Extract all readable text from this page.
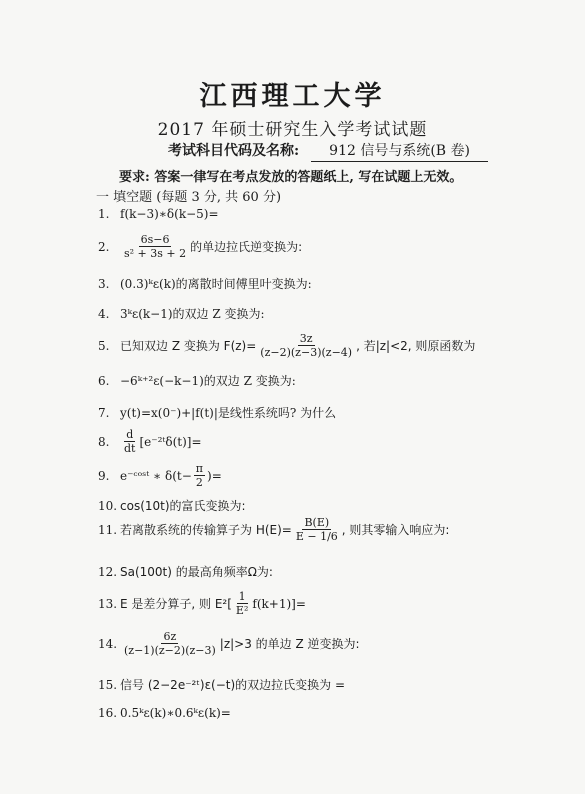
江西理工大学
2017 年硕士研究生入学考试试题
考试科目代码及名称:	912 信号与系统(B 卷)
要求: 答案一律写在考点发放的答题纸上, 写在试题上无效。
一 填空题 (每题 3 分, 共 60 分)
1. f(k−3)∗δ(k−5)=
2.	$\frac{6s-6}{\text{s² + 3s + 2}}$ 的单边拉氏逆变换为:
3. (0.3)ᵏε(k)的离散时间傅里叶变换为:
4. 3ᵏε(k−1)的双边 Z 变换为:
5. 已知双边 Z 变换为 $F(z)= \frac{3z}{(z-2)(z-3)(z-4)}$ , 若|z|<2, 则原函数为
6. −6ᵏ⁺²ε(−k−1)的双边 Z 变换为:
7. y(t)=x(0⁻)+|f(t)|是线性系统吗? 为什么
8.	$\frac{d}{dt}$ [e⁻²ᵗδ(t)]=
9. e⁻ᶜᵒˢᵗ ∗ $\delta(t- \frac{\pi}{2}$ )=
10. cos(10t)的富氏变换为:
11. 若离散系统的传输算子为 $H(E)= \frac{B(E)}{E - 1/6}$ , 则其零输入响应为:
12. Sa(100t) 的最高角频率Ω为:
13. E 是差分算子, 则 $E^2[ \frac{1}{\text{E²}} f(k+1)]=$
14. $\frac{6z}{(z-1)(z-2)(z-3)} |z|>3$ 的单边 Z 逆变换为:
15. 信号 (2−2e⁻²ᵗ)ε(−t)的双边拉氏变换为 =
16. 0.5ᵏε(k)∗0.6ᵏε(k)=
